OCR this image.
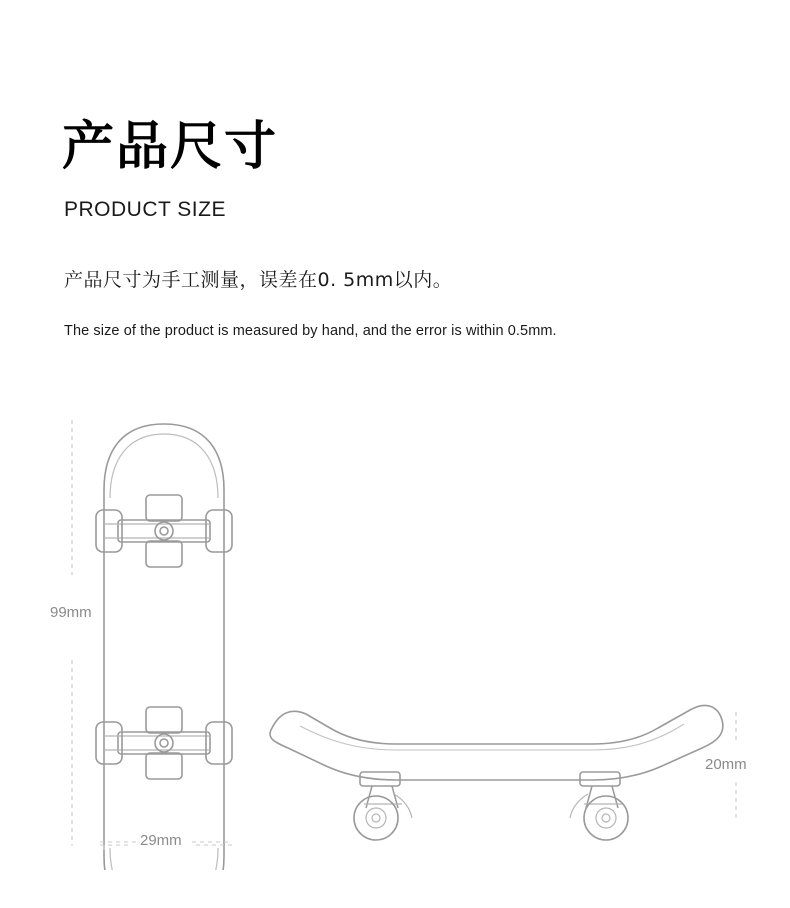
产品尺寸
PRODUCT SIZE
产品尺寸为手工测量，误差在0. 5mm以内。
The size of the product is measured by hand, and the error is within 0.5mm.
99mm
29mm
20mm
